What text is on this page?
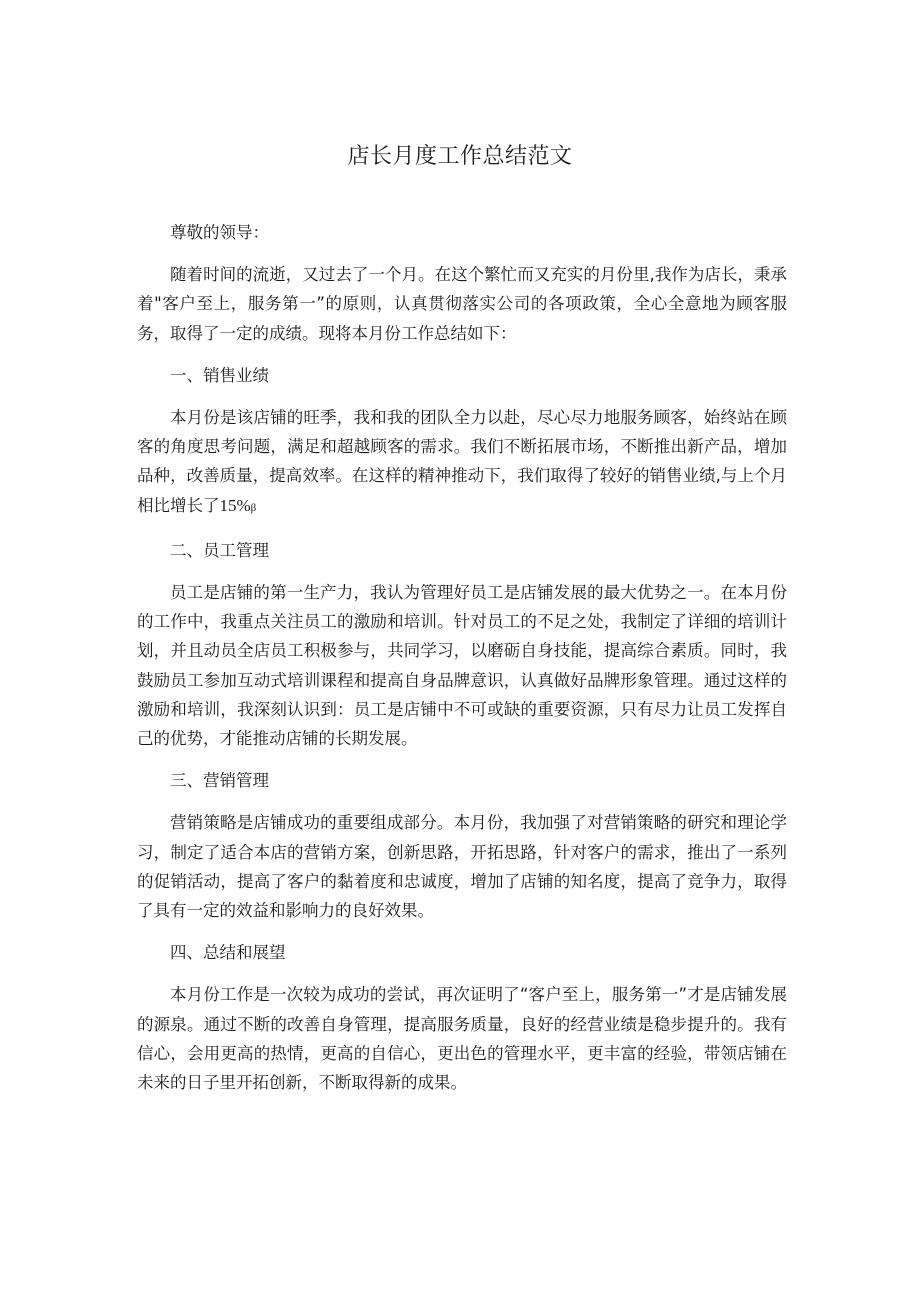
店长月度工作总结范文

尊敬的领导：

随着时间的流逝，又过去了一个月。在这个繁忙而又充实的月份里,我作为店长，秉承着"客户至上，服务第一”的原则，认真贯彻落实公司的各项政策，全心全意地为顾客服务，取得了一定的成绩。现将本月份工作总结如下：

一、销售业绩

本月份是该店铺的旺季，我和我的团队全力以赴，尽心尽力地服务顾客，始终站在顾客的角度思考问题，满足和超越顾客的需求。我们不断拓展市场，不断推出新产品，增加品种，改善质量，提高效率。在这样的精神推动下，我们取得了较好的销售业绩,与上个月相比增长了15%β

二、员工管理

员工是店铺的第一生产力，我认为管理好员工是店铺发展的最大优势之一。在本月份的工作中，我重点关注员工的激励和培训。针对员工的不足之处，我制定了详细的培训计划，并且动员全店员工积极参与，共同学习，以磨砺自身技能，提高综合素质。同时，我鼓励员工参加互动式培训课程和提高自身品牌意识，认真做好品牌形象管理。通过这样的激励和培训，我深刻认识到：员工是店铺中不可或缺的重要资源，只有尽力让员工发挥自己的优势，才能推动店铺的长期发展。

三、营销管理

营销策略是店铺成功的重要组成部分。本月份，我加强了对营销策略的研究和理论学习，制定了适合本店的营销方案，创新思路，开拓思路，针对客户的需求，推出了一系列的促销活动，提高了客户的黏着度和忠诚度，增加了店铺的知名度，提高了竞争力，取得了具有一定的效益和影响力的良好效果。

四、总结和展望

本月份工作是一次较为成功的尝试，再次证明了“客户至上，服务第一”才是店铺发展的源泉。通过不断的改善自身管理，提高服务质量，良好的经营业绩是稳步提升的。我有信心，会用更高的热情，更高的自信心，更出色的管理水平，更丰富的经验，带领店铺在未来的日子里开拓创新，不断取得新的成果。
